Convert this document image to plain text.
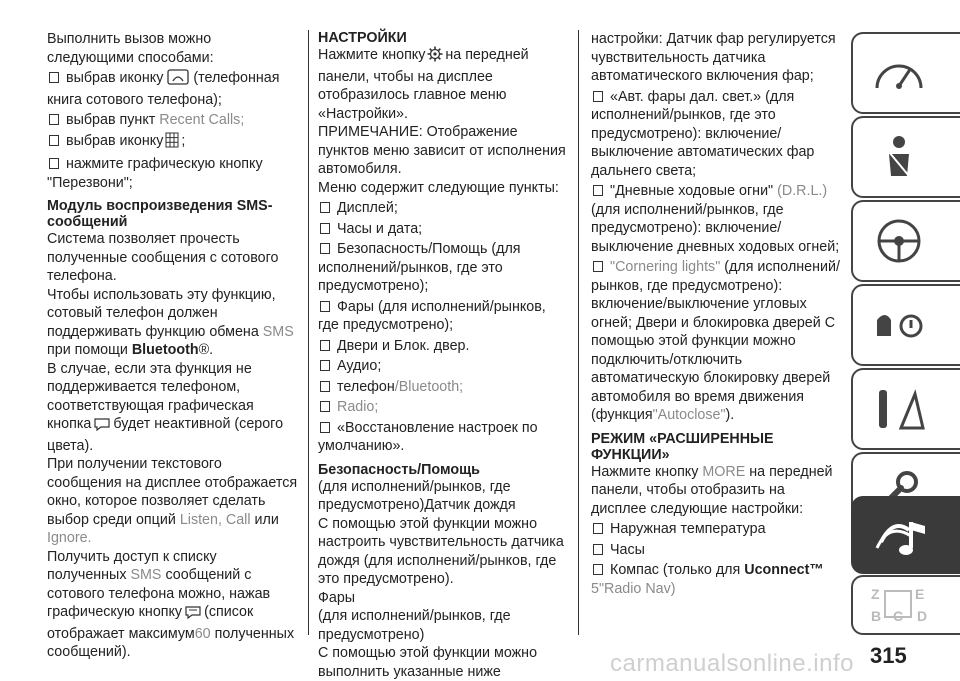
Выполнить вызов можно следующими способами:

выбрав иконку (телефонная книга сотового телефона);

выбрав пункт Recent Calls;

выбрав иконку ;

нажмите графическую кнопку "Перезвони";

Модуль воспроизведения SMS-сообщений

Система позволяет прочесть полученные сообщения с сотового телефона.

Чтобы использовать эту функцию, сотовый телефон должен поддерживать функцию обмена SMS при помощи Bluetooth®.

В случае, если эта функция не поддерживается телефоном, соответствующая графическая кнопка будет неактивной (серого цвета).

При получении текстового сообщения на дисплее отображается окно, которое позволяет сделать выбор среди опций Listen, Call или Ignore.

Получить доступ к списку полученных SMS сообщений с сотового телефона можно, нажав графическую кнопку (список отображает максимум60 полученных сообщений).

НАСТРОЙКИ

Нажмите кнопку на передней панели, чтобы на дисплее отобразилось главное меню «Настройки».

ПРИМЕЧАНИЕ: Отображение пунктов меню зависит от исполнения автомобиля.

Меню содержит следующие пункты:

Дисплей;

Часы и дата;

Безопасность/Помощь (для исполнений/рынков, где это предусмотрено);

Фары (для исполнений/рынков, где предусмотрено);

Двери и Блок. двер.

Аудио;

телефон/Bluetooth;

Radio;

«Восстановление настроек по умолчанию».

Безопасность/Помощь

(для исполнений/рынков, где предусмотрено)Датчик дождя

С помощью этой функции можно настроить чувствительность датчика дождя (для исполнений/рынков, где это предусмотрено).

Фары

(для исполнений/рынков, где предусмотрено)

С помощью этой функции можно выполнить указанные ниже

настройки: Датчик фар регулируется чувствительность датчика автоматического включения фар;

«Авт. фары дал. свет.» (для исполнений/рынков, где это предусмотрено): включение/выключение автоматических фар дальнего света;

"Дневные ходовые огни" (D.R.L.) (для исполнений/рынков, где предусмотрено): включение/выключение дневных ходовых огней;

"Cornering lights" (для исполнений/рынков, где предусмотрено): включение/выключение угловых огней; Двери и блокировка дверей С помощью этой функции можно подключить/отключить автоматическую блокировку дверей автомобиля во время движения (функция"Autoclose").

РЕЖИМ «РАСШИРЕННЫЕ ФУНКЦИИ»

Нажмите кнопку MORE на передней панели, чтобы отобразить на дисплее следующие настройки:

Наружная температура

Часы

Компас (только для Uconnect™
5"Radio Nav)	Z	E
B C D
315
carmanualsonline.info
